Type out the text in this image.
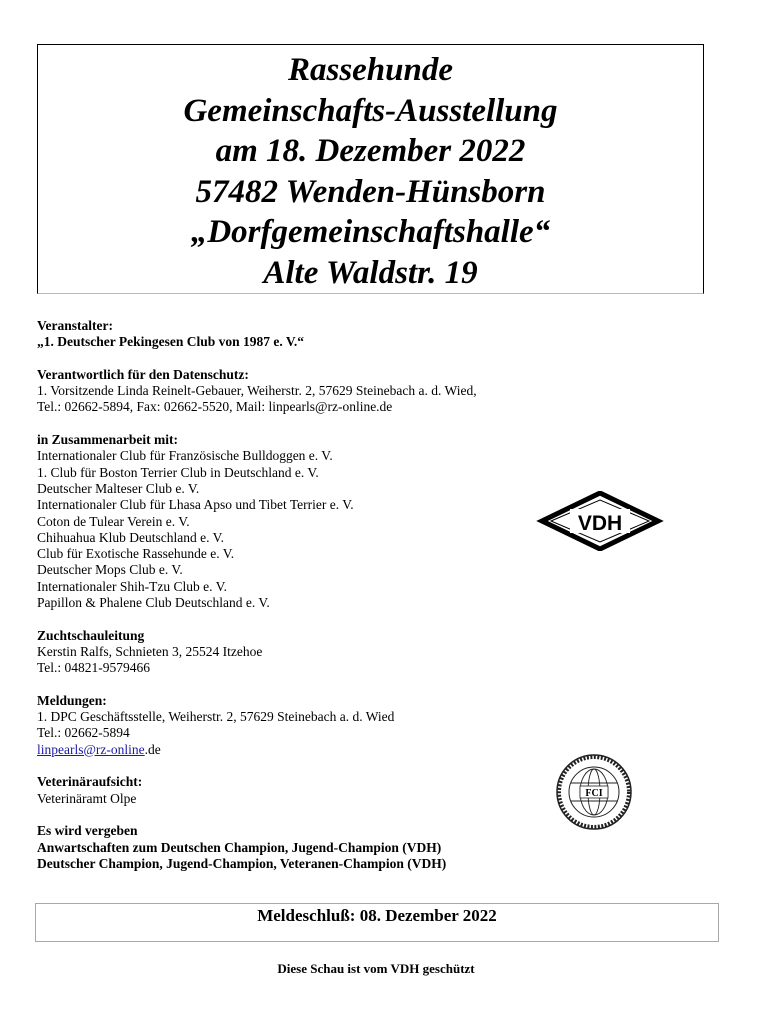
Rassehunde
Gemeinschafts-Ausstellung
am 18. Dezember 2022
57482 Wenden-Hünsborn
„Dorfgemeinschaftshalle“
Alte Waldstr. 19
Veranstalter:
„1. Deutscher Pekingesen Club von 1987 e. V.“
Verantwortlich für den Datenschutz:
1. Vorsitzende Linda Reinelt-Gebauer, Weiherstr. 2, 57629 Steinebach a. d. Wied,
Tel.: 02662-5894, Fax: 02662-5520, Mail: linpearls@rz-online.de
in Zusammenarbeit mit:
Internationaler Club für Französische Bulldoggen e. V.
1. Club für Boston Terrier Club in Deutschland e. V.
Deutscher Malteser Club e. V.
Internationaler Club für Lhasa Apso und Tibet Terrier e. V.
Coton de Tulear Verein e. V.
Chihuahua Klub Deutschland e. V.
Club für Exotische Rassehunde e. V.
Deutscher Mops Club e. V.
Internationaler Shih-Tzu Club e. V.
Papillon & Phalene Club Deutschland e. V.
Zuchtschauleitung
Kerstin Ralfs, Schnieten 3, 25524 Itzehoe
Tel.: 04821-9579466
Meldungen:
1. DPC Geschäftsstelle, Weiherstr. 2, 57629 Steinebach a. d. Wied
Tel.: 02662-5894
linpearls@rz-online.de
Veterinäraufsicht:
Veterinäramt Olpe
Es wird vergeben
Anwartschaften zum Deutschen Champion, Jugend-Champion (VDH)
Deutscher Champion, Jugend-Champion, Veteranen-Champion (VDH)
VDH
FCI
Meldeschluß: 08. Dezember 2022
Diese Schau ist vom VDH geschützt
